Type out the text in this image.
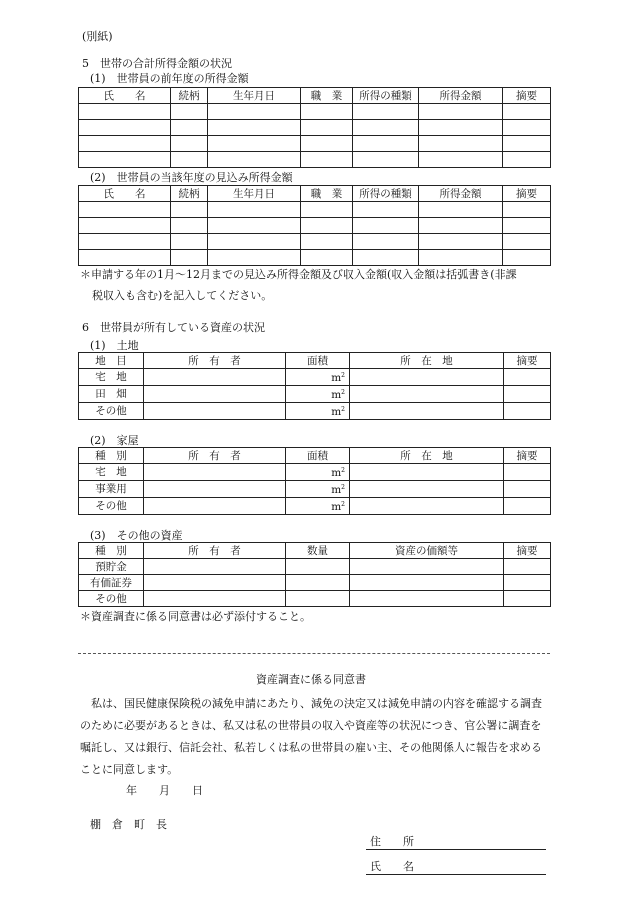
(別紙)
5　世帯の合計所得金額の状況
(1)　世帯員の前年度の所得金額
氏　　名	続柄	生年月日	職　業	所得の種類	所得金額	摘要

(2)　世帯員の当該年度の見込み所得金額
氏　　名	続柄	生年月日	職　業	所得の種類	所得金額	摘要

＊申請する年の1月～12月までの見込み所得金額及び収入金額(収入金額は括弧書き(非課
税収入も含む)を記入してください。
6　世帯員が所有している資産の状況
(1)　土地
地　目	所　有　者	面積	所　在　地	摘要
宅　地		$m^2$		
田　畑		$m^2$		
その他		$m^2$		
(2)　家屋
種　別	所　有　者	面積	所　在　地	摘要
宅　地		$m^2$		
事業用		$m^2$		
その他		$m^2$		
(3)　その他の資産
種　別	所　有　者	数量	資産の価額等	摘要
預貯金				
有価証券				
その他				
＊資産調査に係る同意書は必ず添付すること。
資産調査に係る同意書
　私は、国民健康保険税の減免申請にあたり、減免の決定又は減免申請の内容を確認する調査のために必要があるときは、私又は私の世帯員の収入や資産等の状況につき、官公署に調査を嘱託し、又は銀行、信託会社、私若しくは私の世帯員の雇い主、その他関係人に報告を求めることに同意します。
年　　月　　日
棚　倉　町　長
住　　所
氏　　名
